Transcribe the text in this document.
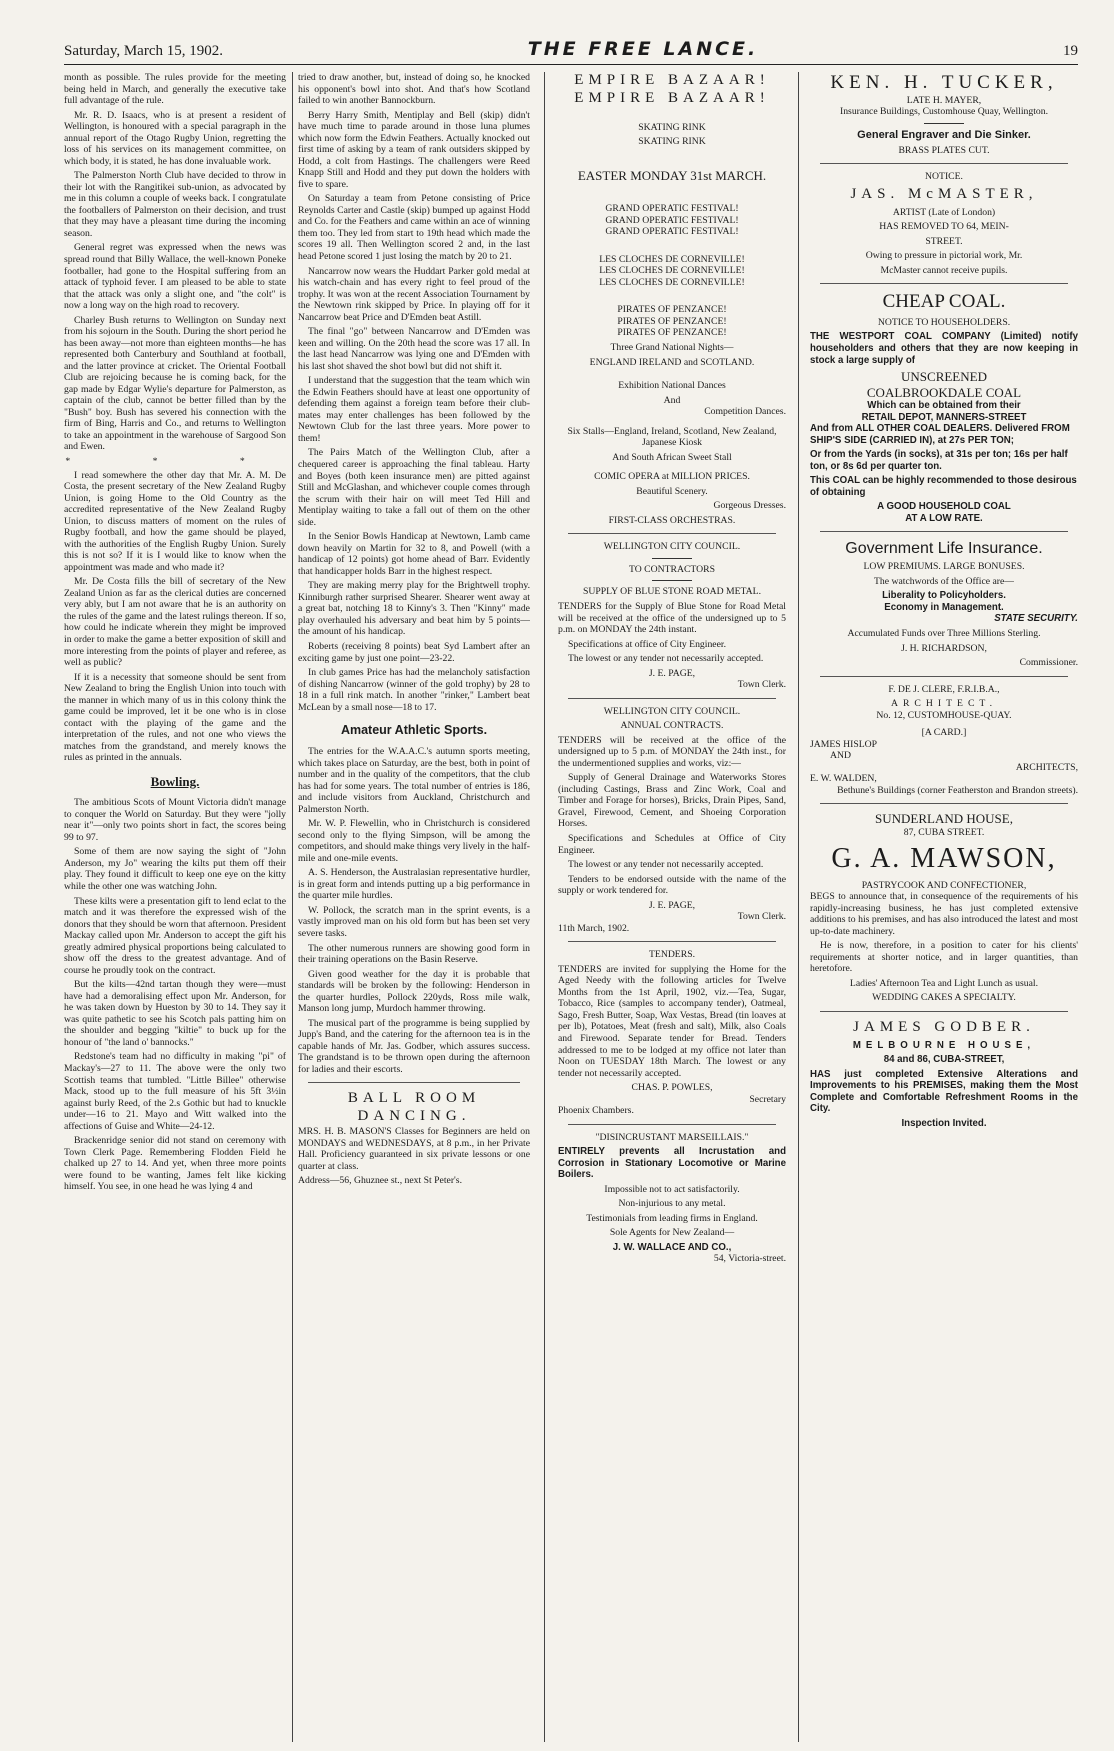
Saturday, March 15, 1902.	THE FREE LANCE.	19

month as possible. The rules provide for the meeting being held in March, and generally the executive take full advantage of the rule.

Mr. R. D. Isaacs, who is at present a resident of Wellington, is honoured with a special paragraph in the annual report of the Otago Rugby Union, regretting the loss of his services on its management committee, on which body, it is stated, he has done invaluable work.

The Palmerston North Club have decided to throw in their lot with the Rangitikei sub-union, as advocated by me in this column a couple of weeks back. I congratulate the footballers of Palmerston on their decision, and trust that they may have a pleasant time during the incoming season.

General regret was expressed when the news was spread round that Billy Wallace, the well-known Poneke footballer, had gone to the Hospital suffering from an attack of typhoid fever. I am pleased to be able to state that the attack was only a slight one, and "the colt" is now a long way on the high road to recovery.

Charley Bush returns to Wellington on Sunday next from his sojourn in the South. During the short period he has been away—not more than eighteen months—he has represented both Canterbury and Southland at football, and the latter province at cricket. The Oriental Football Club are rejoicing because he is coming back, for the gap made by Edgar Wylie's departure for Palmerston, as captain of the club, cannot be better filled than by the "Bush" boy. Bush has severed his connection with the firm of Bing, Harris and Co., and returns to Wellington to take an appointment in the warehouse of Sargood Son and Ewen.

* * *

I read somewhere the other day that Mr. A. M. De Costa, the present secretary of the New Zealand Rugby Union, is going Home to the Old Country as the accredited representative of the New Zealand Rugby Union, to discuss matters of moment on the rules of Rugby football, and how the game should be played, with the authorities of the English Rugby Union. Surely this is not so? If it is I would like to know when the appointment was made and who made it?

Mr. De Costa fills the bill of secretary of the New Zealand Union as far as the clerical duties are concerned very ably, but I am not aware that he is an authority on the rules of the game and the latest rulings thereon. If so, how could he indicate wherein they might be improved in order to make the game a better exposition of skill and more interesting from the points of player and referee, as well as public?

If it is a necessity that someone should be sent from New Zealand to bring the English Union into touch with the manner in which many of us in this colony think the game could be improved, let it be one who is in close contact with the playing of the game and the interpretation of the rules, and not one who views the matches from the grandstand, and merely knows the rules as printed in the annuals.

Bowling.

The ambitious Scots of Mount Victoria didn't manage to conquer the World on Saturday. But they were "jolly near it"—only two points short in fact, the scores being 99 to 97.

Some of them are now saying the sight of "John Anderson, my Jo" wearing the kilts put them off their play. They found it difficult to keep one eye on the kitty while the other one was watching John.

These kilts were a presentation gift to lend eclat to the match and it was therefore the expressed wish of the donors that they should be worn that afternoon. President Mackay called upon Mr. Anderson to accept the gift his greatly admired physical proportions being calculated to show off the dress to the greatest advantage. And of course he proudly took on the contract.

But the kilts—42nd tartan though they were—must have had a demoralising effect upon Mr. Anderson, for he was taken down by Hueston by 30 to 14. They say it was quite pathetic to see his Scotch pals patting him on the shoulder and begging "kiltie" to buck up for the honour of "the land o' bannocks."

Redstone's team had no difficulty in making "pi" of Mackay's—27 to 11. The above were the only two Scottish teams that tumbled. "Little Billee" otherwise Mack, stood up to the full measure of his 5ft 3½in against burly Reed, of the 2.s Gothic but had to knuckle under—16 to 21. Mayo and Witt walked into the affections of Guise and White—24-12.

Brackenridge senior did not stand on ceremony with Town Clerk Page. Remembering Flodden Field he chalked up 27 to 14. And yet, when three more points were found to be wanting, James felt like kicking himself. You see, in one head he was lying 4 and

tried to draw another, but, instead of doing so, he knocked his opponent's bowl into shot. And that's how Scotland failed to win another Bannockburn.

Berry Harry Smith, Mentiplay and Bell (skip) didn't have much time to parade around in those luna plumes which now form the Edwin Feathers. Actually knocked out first time of asking by a team of rank outsiders skipped by Hodd, a colt from Hastings. The challengers were Reed Knapp Still and Hodd and they put down the holders with five to spare.

On Saturday a team from Petone consisting of Price Reynolds Carter and Castle (skip) bumped up against Hodd and Co. for the Feathers and came within an ace of winning them too. They led from start to 19th head which made the scores 19 all. Then Wellington scored 2 and, in the last head Petone scored 1 just losing the match by 20 to 21.

Nancarrow now wears the Huddart Parker gold medal at his watch-chain and has every right to feel proud of the trophy. It was won at the recent Association Tournament by the Newtown rink skipped by Price. In playing off for it Nancarrow beat Price and D'Emden beat Astill.

The final "go" between Nancarrow and D'Emden was keen and willing. On the 20th head the score was 17 all. In the last head Nancarrow was lying one and D'Emden with his last shot shaved the shot bowl but did not shift it.

I understand that the suggestion that the team which win the Edwin Feathers should have at least one opportunity of defending them against a foreign team before their club-mates may enter challenges has been followed by the Newtown Club for the last three years. More power to them!

The Pairs Match of the Wellington Club, after a chequered career is approaching the final tableau. Harty and Boyes (both keen insurance men) are pitted against Still and McGlashan, and whichever couple comes through the scrum with their hair on will meet Ted Hill and Mentiplay waiting to take a fall out of them on the other side.

In the Senior Bowls Handicap at Newtown, Lamb came down heavily on Martin for 32 to 8, and Powell (with a handicap of 12 points) got home ahead of Barr. Evidently that handicapper holds Barr in the highest respect.

They are making merry play for the Brightwell trophy. Kinniburgh rather surprised Shearer. Shearer went away at a great bat, notching 18 to Kinny's 3. Then "Kinny" made play overhauled his adversary and beat him by 5 points—the amount of his handicap.

Roberts (receiving 8 points) beat Syd Lambert after an exciting game by just one point—23-22.

In club games Price has had the melancholy satisfaction of dishing Nancarrow (winner of the gold trophy) by 28 to 18 in a full rink match. In another "rinker," Lambert beat McLean by a small nose—18 to 17.

Amateur Athletic Sports.

The entries for the W.A.A.C.'s autumn sports meeting, which takes place on Saturday, are the best, both in point of number and in the quality of the competitors, that the club has had for some years. The total number of entries is 186, and include visitors from Auckland, Christchurch and Palmerston North.

Mr. W. P. Flewellin, who in Christchurch is considered second only to the flying Simpson, will be among the competitors, and should make things very lively in the half-mile and one-mile events.

A. S. Henderson, the Australasian representative hurdler, is in great form and intends putting up a big performance in the quarter mile hurdles.

W. Pollock, the scratch man in the sprint events, is a vastly improved man on his old form but has been set very severe tasks.

The other numerous runners are showing good form in their training operations on the Basin Reserve.

Given good weather for the day it is probable that standards will be broken by the following: Henderson in the quarter hurdles, Pollock 220yds, Ross mile walk, Manson long jump, Murdoch hammer throwing.

The musical part of the programme is being supplied by Jupp's Band, and the catering for the afternoon tea is in the capable hands of Mr. Jas. Godber, which assures success. The grandstand is to be thrown open during the afternoon for ladies and their escorts.

BALL ROOM DANCING.

MRS. H. B. MASON'S Classes for Beginners are held on MONDAYS and WEDNESDAYS, at 8 p.m., in her Private Hall. Proficiency guaranteed in six private lessons or one quarter at class.

Address—56, Ghuznee st., next St Peter's.
EMPIRE BAZAAR!
EMPIRE BAZAAR!
SKATING RINK
SKATING RINK
EASTER MONDAY 31st MARCH.
GRAND OPERATIC FESTIVAL!
GRAND OPERATIC FESTIVAL!
GRAND OPERATIC FESTIVAL!
LES CLOCHES DE CORNEVILLE!
LES CLOCHES DE CORNEVILLE!
LES CLOCHES DE CORNEVILLE!
PIRATES OF PENZANCE!
PIRATES OF PENZANCE!
PIRATES OF PENZANCE!
Three Grand National Nights—
ENGLAND IRELAND and SCOTLAND.
Exhibition National Dances
And
Competition Dances.
Six Stalls—England, Ireland, Scotland, New Zealand, Japanese Kiosk
And South African Sweet Stall
COMIC OPERA at MILLION PRICES.
Beautiful Scenery.
Gorgeous Dresses.
FIRST-CLASS ORCHESTRAS.
WELLINGTON CITY COUNCIL.
TO CONTRACTORS
SUPPLY OF BLUE STONE ROAD METAL.

TENDERS for the Supply of Blue Stone for Road Metal will be received at the office of the undersigned up to 5 p.m. on MONDAY the 24th instant.

Specifications at office of City Engineer.

The lowest or any tender not necessarily accepted.

J. E. PAGE,
Town Clerk.
WELLINGTON CITY COUNCIL.
ANNUAL CONTRACTS.

TENDERS will be received at the office of the undersigned up to 5 p.m. of MONDAY the 24th inst., for the undermentioned supplies and works, viz:—

Supply of General Drainage and Waterworks Stores (including Castings, Brass and Zinc Work, Coal and Timber and Forage for horses), Bricks, Drain Pipes, Sand, Gravel, Firewood, Cement, and Shoeing Corporation Horses.

Specifications and Schedules at Office of City Engineer.

The lowest or any tender not necessarily accepted.

Tenders to be endorsed outside with the name of the supply or work tendered for.

J. E. PAGE,
Town Clerk.
11th March, 1902.
TENDERS.

TENDERS are invited for supplying the Home for the Aged Needy with the following articles for Twelve Months from the 1st April, 1902, viz.—Tea, Sugar, Tobacco, Rice (samples to accompany tender), Oatmeal, Sago, Fresh Butter, Soap, Wax Vestas, Bread (tin loaves at per lb), Potatoes, Meat (fresh and salt), Milk, also Coals and Firewood. Separate tender for Bread. Tenders addressed to me to be lodged at my office not later than Noon on TUESDAY 18th March. The lowest or any tender not necessarily accepted.

CHAS. P. POWLES,
Secretary
Phoenix Chambers.
"DISINCRUSTANT MARSEILLAIS."

ENTIRELY prevents all Incrustation and Corrosion in Stationary Locomotive or Marine Boilers.

Impossible not to act satisfactorily.
Non-injurious to any metal.
Testimonials from leading firms in England.
Sole Agents for New Zealand—
J. W. WALLACE AND CO.,
54, Victoria-street.
KEN. H. TUCKER,
LATE H. MAYER,
Insurance Buildings, Customhouse Quay, Wellington.
General Engraver and Die Sinker.
BRASS PLATES CUT.
NOTICE.
JAS. McMASTER,
ARTIST (Late of London)
HAS REMOVED TO 64, MEIN-
STREET.
Owing to pressure in pictorial work, Mr.
McMaster cannot receive pupils.
CHEAP COAL.
NOTICE TO HOUSEHOLDERS.

THE WESTPORT COAL COMPANY (Limited) notify householders and others that they are now keeping in stock a large supply of

UNSCREENED
COALBROOKDALE COAL
Which can be obtained from their
RETAIL DEPOT, MANNERS-STREET

And from ALL OTHER COAL DEALERS. Delivered FROM SHIP'S SIDE (CARRIED IN), at 27s PER TON;

Or from the Yards (in socks), at 31s per ton; 16s per half ton, or 8s 6d per quarter ton.

This COAL can be highly recommended to those desirous of obtaining

A GOOD HOUSEHOLD COAL
AT A LOW RATE.
Government Life Insurance.
LOW PREMIUMS. LARGE BONUSES.
The watchwords of the Office are—
Liberality to Policyholders.
Economy in Management.
STATE SECURITY.
Accumulated Funds over Three Millions Sterling.
J. H. RICHARDSON,
Commissioner.
F. DE J. CLERE, F.R.I.B.A.,
ARCHITECT.
No. 12, CUSTOMHOUSE-QUAY.
[A CARD.]
JAMES HISLOP
AND
ARCHITECTS,
E. W. WALDEN,
Bethune's Buildings (corner Featherston and Brandon streets).
SUNDERLAND HOUSE,
87, CUBA STREET.
G. A. MAWSON,
PASTRYCOOK AND CONFECTIONER,

BEGS to announce that, in consequence of the requirements of his rapidly-increasing business, he has just completed extensive additions to his premises, and has also introduced the latest and most up-to-date machinery.

He is now, therefore, in a position to cater for his clients' requirements at shorter notice, and in larger quantities, than heretofore.

Ladies' Afternoon Tea and Light Lunch as usual.
WEDDING CAKES A SPECIALTY.
JAMES GODBER.
MELBOURNE HOUSE,
84 and 86, CUBA-STREET,

HAS just completed Extensive Alterations and Improvements to his PREMISES, making them the Most Complete and Comfortable Refreshment Rooms in the City.

Inspection Invited.
